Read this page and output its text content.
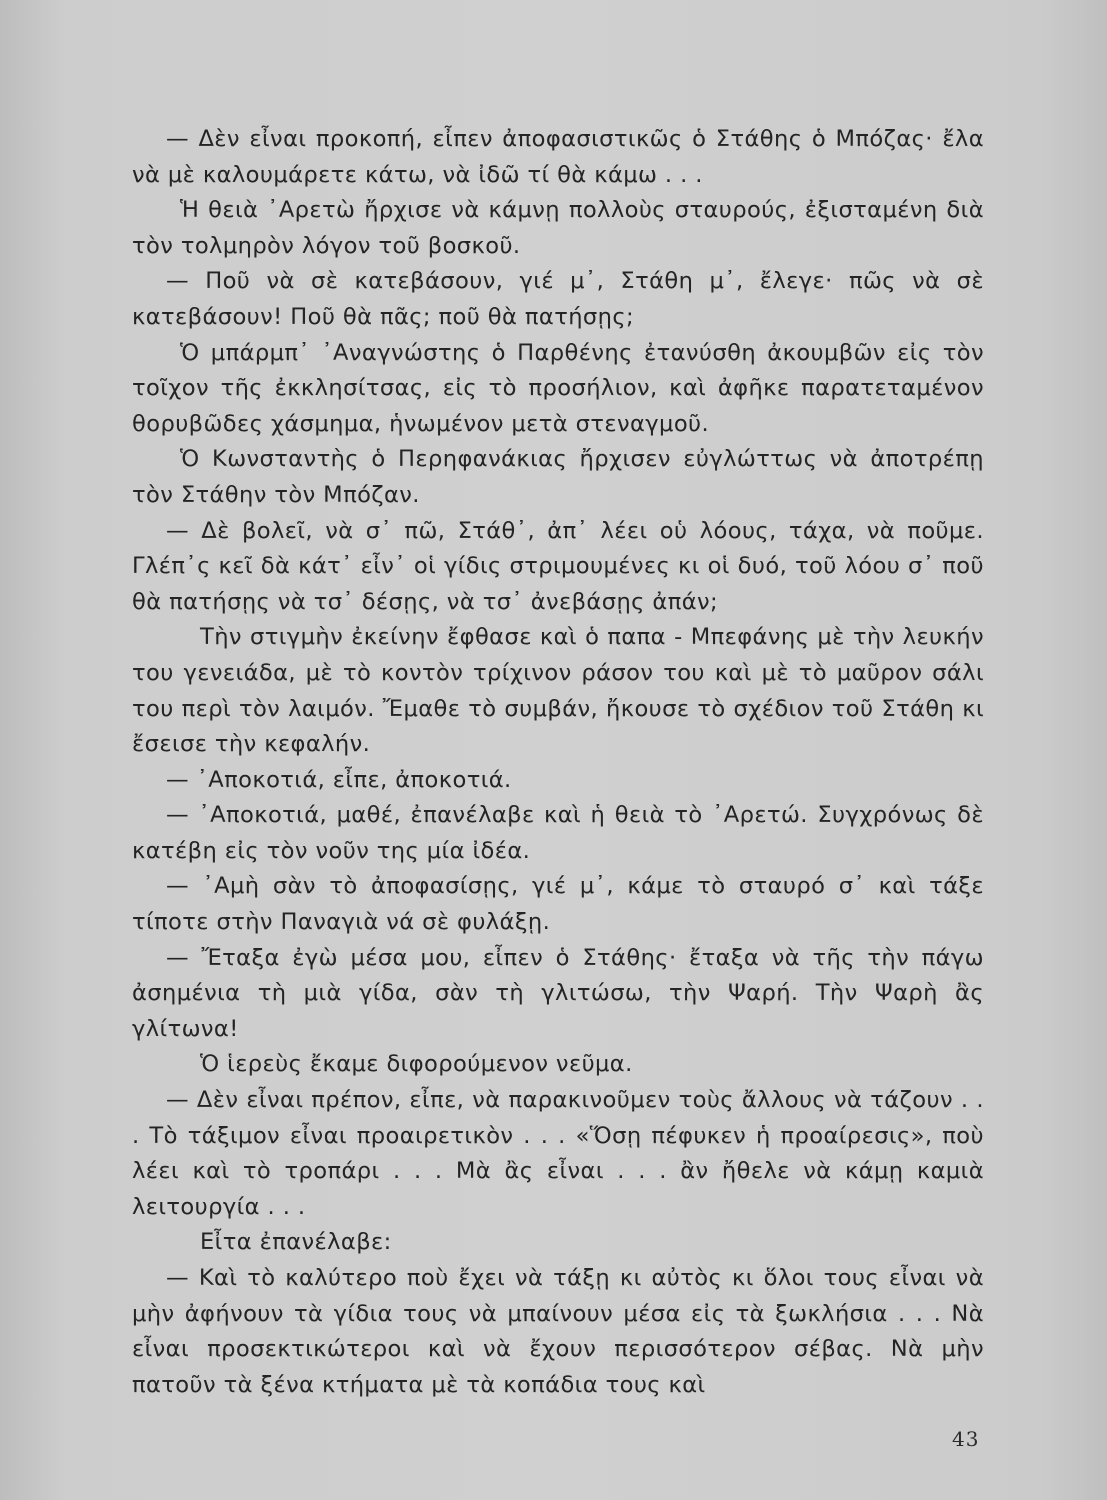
— Δὲν εἶναι προκοπή, εἶπεν ἀποφασιστικῶς ὁ Στάθης ὁ Μπόζας· ἔλα νὰ μὲ καλουμάρετε κάτω, νὰ ἰδῶ τί θὰ κάμω . . .

Ἡ θειὰ ᾿Αρετὼ ἤρχισε νὰ κάμνῃ πολλοὺς σταυρούς, ἐξισταμένη διὰ τὸν τολμηρὸν λόγον τοῦ βοσκοῦ.

— Ποῦ νὰ σὲ κατεβάσουν, γιέ μ᾿, Στάθη μ᾿, ἔλεγε· πῶς νὰ σὲ κατεβάσουν! Ποῦ θὰ πᾶς; ποῦ θὰ πατήσῃς;

Ὁ μπάρμπ᾿ ᾿Αναγνώστης ὁ Παρθένης ἐτανύσθη ἀκουμβῶν εἰς τὸν τοῖχον τῆς ἐκκλησίτσας, εἰς τὸ προσήλιον, καὶ ἀφῆκε παρατεταμένον θορυβῶδες χάσμημα, ἡνωμένον μετὰ στεναγμοῦ.

Ὁ Κωνσταντὴς ὁ Περηφανάκιας ἤρχισεν εὐγλώττως νὰ ἀποτρέπῃ τὸν Στάθην τὸν Μπόζαν.

— Δὲ βολεῖ, νὰ σ᾿ πῶ, Στάθ᾿, ἀπ᾿ λέει οὑ λόους, τάχα, νὰ ποῦμε. Γλέπ᾿ς κεῖ δὰ κάτ᾿ εἶν᾿ οἱ γίδις στριμουμένες κι οἱ δυό, τοῦ λόου σ᾿ ποῦ θὰ πατήσῃς νὰ τσ᾿ δέσῃς, νὰ τσ᾿ ἀνεβάσῃς ἀπάν;

Τὴν στιγμὴν ἐκείνην ἔφθασε καὶ ὁ παπα - Μπεφάνης μὲ τὴν λευκήν του γενειάδα, μὲ τὸ κοντὸν τρίχινον ράσον του καὶ μὲ τὸ μαῦρον σάλι του περὶ τὸν λαιμόν. Ἔμαθε τὸ συμβάν, ἤκουσε τὸ σχέδιον τοῦ Στάθη κι ἔσεισε τὴν κεφαλήν.

— ᾿Αποκοτιά, εἶπε, ἀποκοτιά.

— ᾿Αποκοτιά, μαθέ, ἐπανέλαβε καὶ ἡ θειὰ τὸ ᾿Αρετώ. Συγχρόνως δὲ κατέβη εἰς τὸν νοῦν της μία ἰδέα.

— ᾿Αμὴ σὰν τὸ ἀποφασίσῃς, γιέ μ᾿, κάμε τὸ σταυρό σ᾿ καὶ τάξε τίποτε στὴν Παναγιὰ νά σὲ φυλάξῃ.

— Ἔταξα ἐγὼ μέσα μου, εἶπεν ὁ Στάθης· ἔταξα νὰ τῆς τὴν πάγω ἀσημένια τὴ μιὰ γίδα, σὰν τὴ γλιτώσω, τὴν Ψαρή. Τὴν Ψαρὴ ἂς γλίτωνα!

Ὁ ἱερεὺς ἔκαμε διφορούμενον νεῦμα.

— Δὲν εἶναι πρέπον, εἶπε, νὰ παρακινοῦμεν τοὺς ἄλλους νὰ τάζουν . . . Τὸ τάξιμον εἶναι προαιρετικὸν . . . «Ὅσῃ πέφυκεν ἡ προαίρεσις», ποὺ λέει καὶ τὸ τροπάρι . . . Μὰ ἂς εἶναι . . . ἂν ἤθελε νὰ κάμῃ καμιὰ λειτουργία . . .

Εἶτα ἐπανέλαβε:

— Καὶ τὸ καλύτερο ποὺ ἔχει νὰ τάξῃ κι αὐτὸς κι ὅλοι τους εἶναι νὰ μὴν ἀφήνουν τὰ γίδια τους νὰ μπαίνουν μέσα εἰς τὰ ξωκλήσια . . . Νὰ εἶναι προσεκτικώτεροι καὶ νὰ ἔχουν περισσότερον σέβας. Νὰ μὴν πατοῦν τὰ ξένα κτήματα μὲ τὰ κοπάδια τους καὶ

43
